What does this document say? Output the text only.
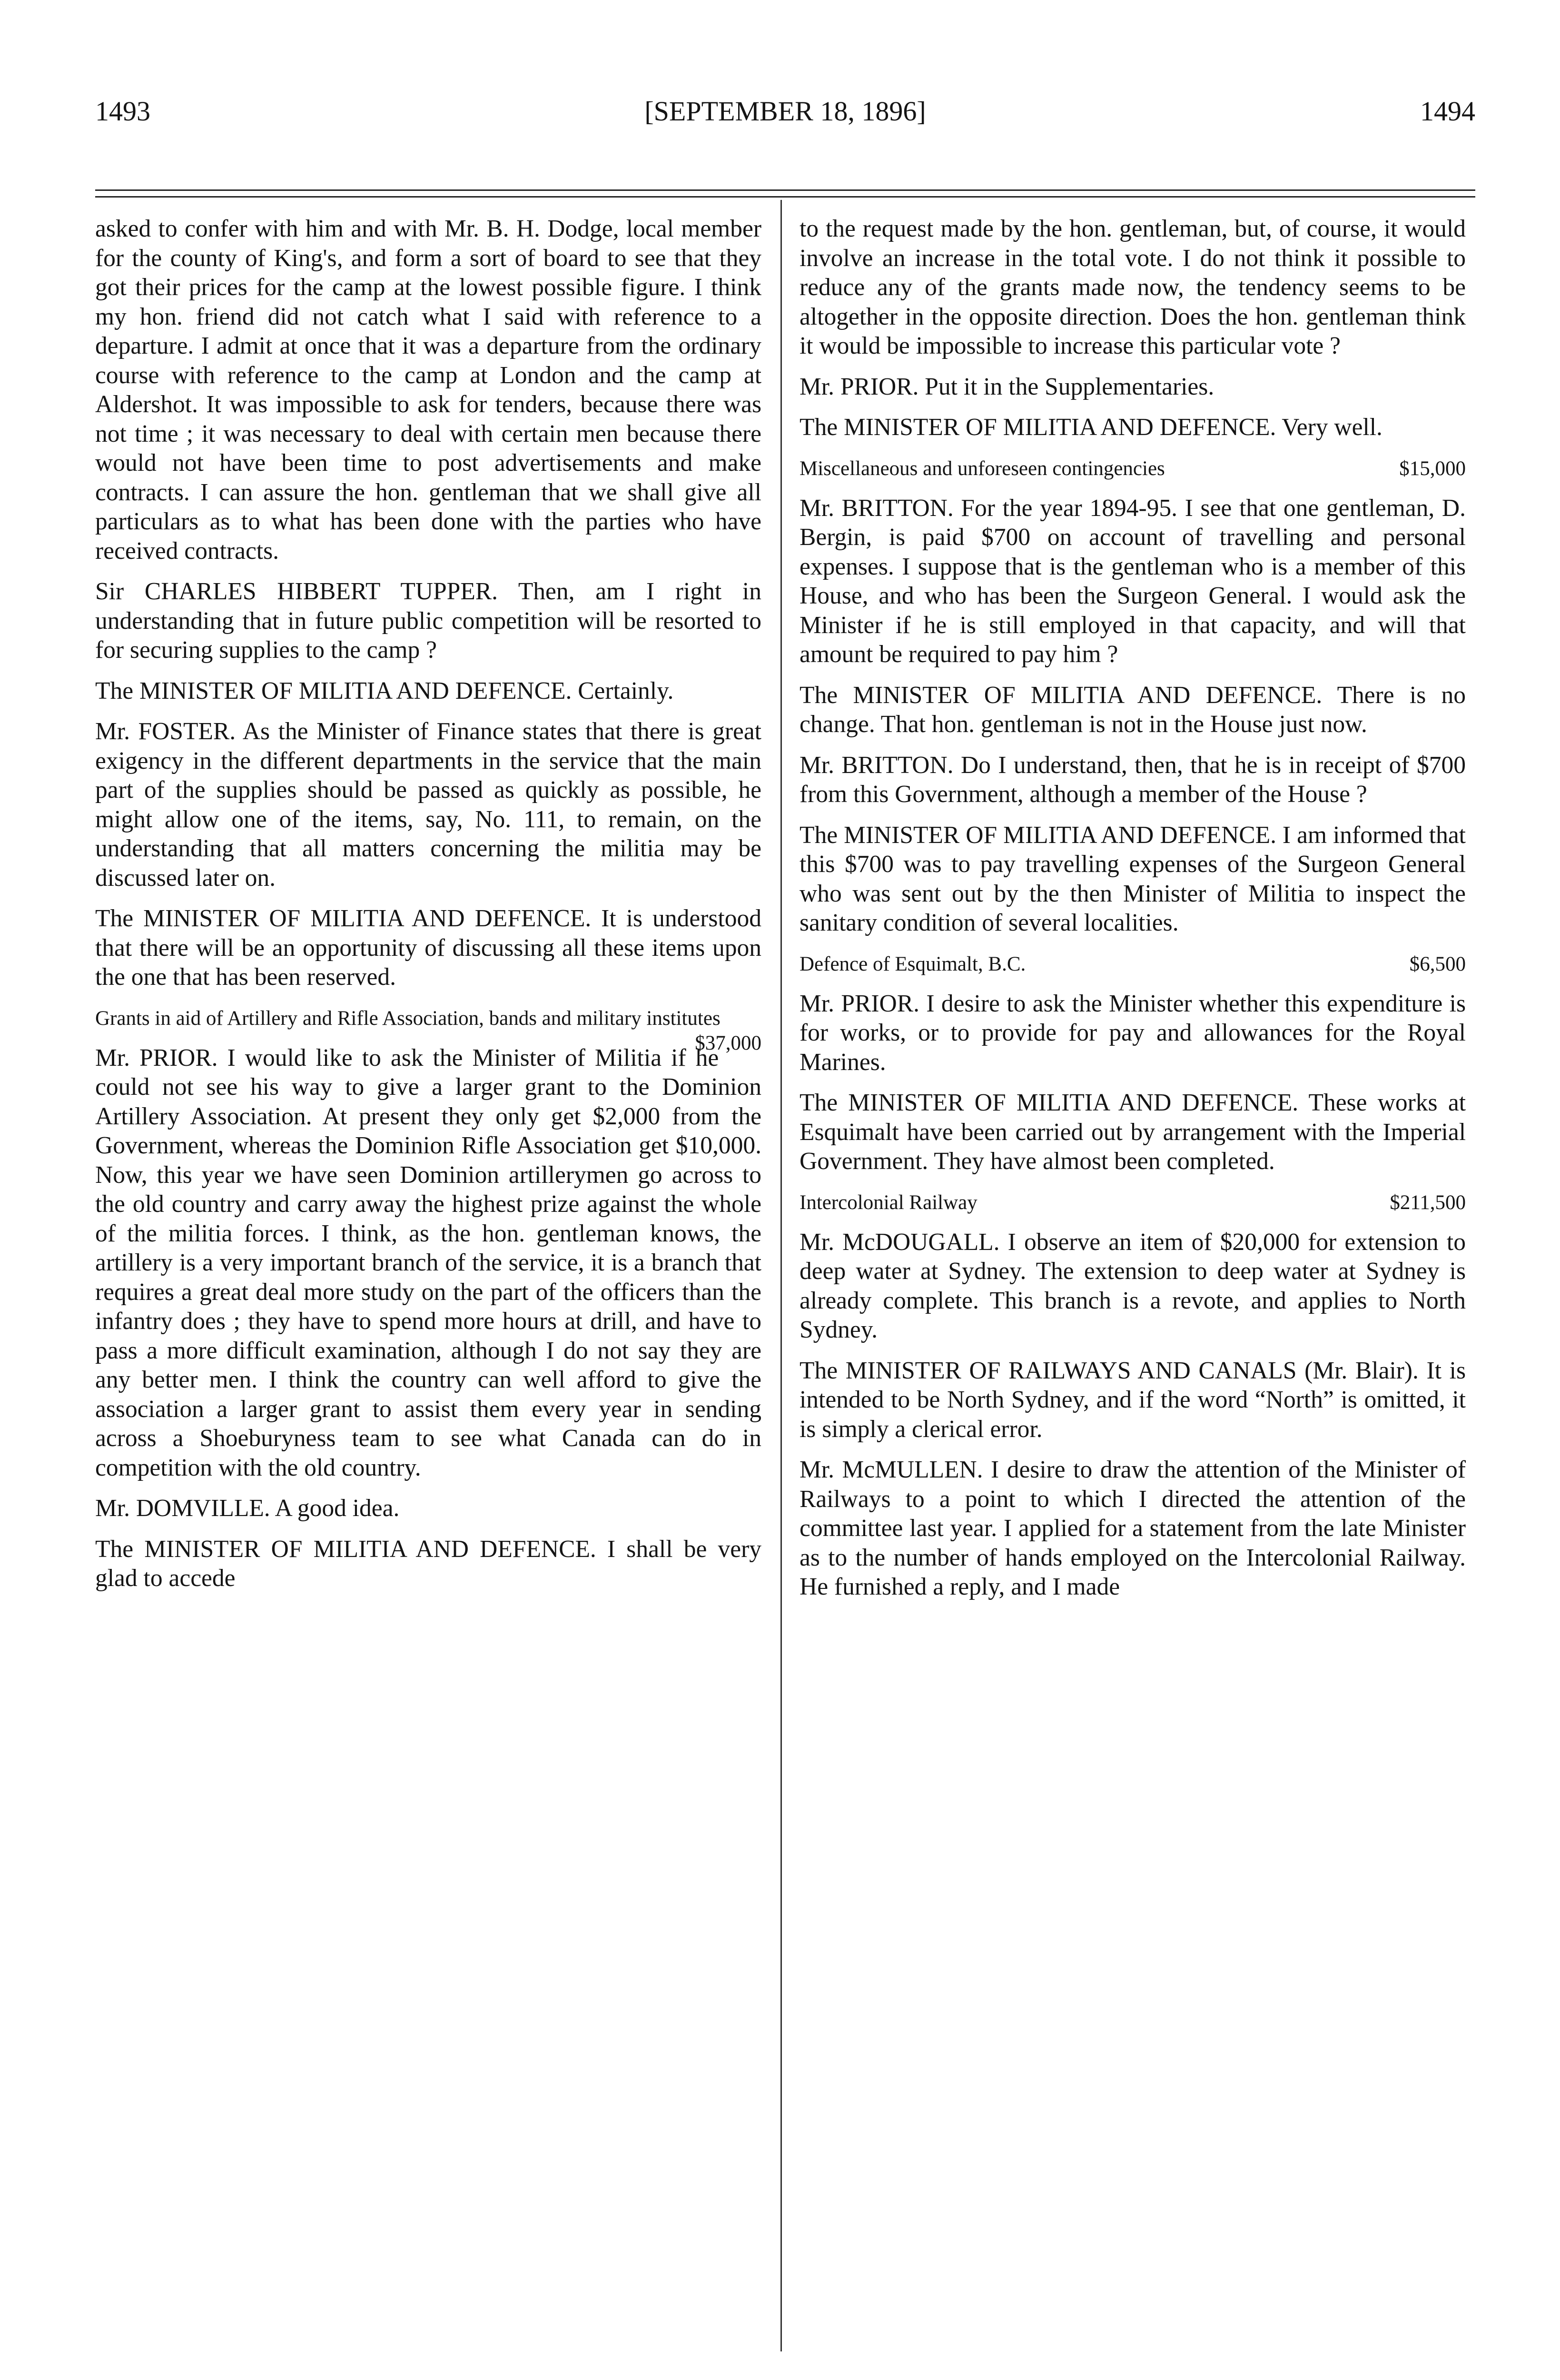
1493	[SEPTEMBER 18, 1896]	1494

asked to confer with him and with Mr. B. H. Dodge, local member for the county of King's, and form a sort of board to see that they got their prices for the camp at the lowest possible figure. I think my hon. friend did not catch what I said with reference to a departure. I admit at once that it was a departure from the ordinary course with reference to the camp at London and the camp at Aldershot. It was impossible to ask for tenders, because there was not time ; it was necessary to deal with certain men because there would not have been time to post advertisements and make contracts. I can assure the hon. gentleman that we shall give all particulars as to what has been done with the parties who have received contracts.

Sir CHARLES HIBBERT TUPPER. Then, am I right in understanding that in future public competition will be resorted to for securing supplies to the camp ?

The MINISTER OF MILITIA AND DEFENCE. Certainly.

Mr. FOSTER. As the Minister of Finance states that there is great exigency in the different departments in the service that the main part of the supplies should be passed as quickly as possible, he might allow one of the items, say, No. 111, to remain, on the understanding that all matters concerning the militia may be discussed later on.

The MINISTER OF MILITIA AND DEFENCE. It is understood that there will be an opportunity of discussing all these items upon the one that has been reserved.

Grants in aid of Artillery and Rifle Association, bands and military institutes
$37,000

Mr. PRIOR. I would like to ask the Minister of Militia if he could not see his way to give a larger grant to the Dominion Artillery Association. At present they only get $2,000 from the Government, whereas the Dominion Rifle Association get $10,000. Now, this year we have seen Dominion artillerymen go across to the old country and carry away the highest prize against the whole of the militia forces. I think, as the hon. gentleman knows, the artillery is a very important branch of the service, it is a branch that requires a great deal more study on the part of the officers than the infantry does ; they have to spend more hours at drill, and have to pass a more difficult examination, although I do not say they are any better men. I think the country can well afford to give the association a larger grant to assist them every year in sending across a Shoeburyness team to see what Canada can do in competition with the old country.

Mr. DOMVILLE. A good idea.

The MINISTER OF MILITIA AND DEFENCE. I shall be very glad to accede

to the request made by the hon. gentleman, but, of course, it would involve an increase in the total vote. I do not think it possible to reduce any of the grants made now, the tendency seems to be altogether in the opposite direction. Does the hon. gentleman think it would be impossible to increase this particular vote ?

Mr. PRIOR. Put it in the Supplementaries.

The MINISTER OF MILITIA AND DEFENCE. Very well.

Miscellaneous and unforeseen contingencies	$15,000

Mr. BRITTON. For the year 1894-95. I see that one gentleman, D. Bergin, is paid $700 on account of travelling and personal expenses. I suppose that is the gentleman who is a member of this House, and who has been the Surgeon General. I would ask the Minister if he is still employed in that capacity, and will that amount be required to pay him ?

The MINISTER OF MILITIA AND DEFENCE. There is no change. That hon. gentleman is not in the House just now.

Mr. BRITTON. Do I understand, then, that he is in receipt of $700 from this Government, although a member of the House ?

The MINISTER OF MILITIA AND DEFENCE. I am informed that this $700 was to pay travelling expenses of the Surgeon General who was sent out by the then Minister of Militia to inspect the sanitary condition of several localities.

Defence of Esquimalt, B.C.	$6,500

Mr. PRIOR. I desire to ask the Minister whether this expenditure is for works, or to provide for pay and allowances for the Royal Marines.

The MINISTER OF MILITIA AND DEFENCE. These works at Esquimalt have been carried out by arrangement with the Imperial Government. They have almost been completed.

Intercolonial Railway	$211,500

Mr. McDOUGALL. I observe an item of $20,000 for extension to deep water at Sydney. The extension to deep water at Sydney is already complete. This branch is a revote, and applies to North Sydney.

The MINISTER OF RAILWAYS AND CANALS (Mr. Blair). It is intended to be North Sydney, and if the word “North” is omitted, it is simply a clerical error.

Mr. McMULLEN. I desire to draw the attention of the Minister of Railways to a point to which I directed the attention of the committee last year. I applied for a statement from the late Minister as to the number of hands employed on the Intercolonial Railway. He furnished a reply, and I made
